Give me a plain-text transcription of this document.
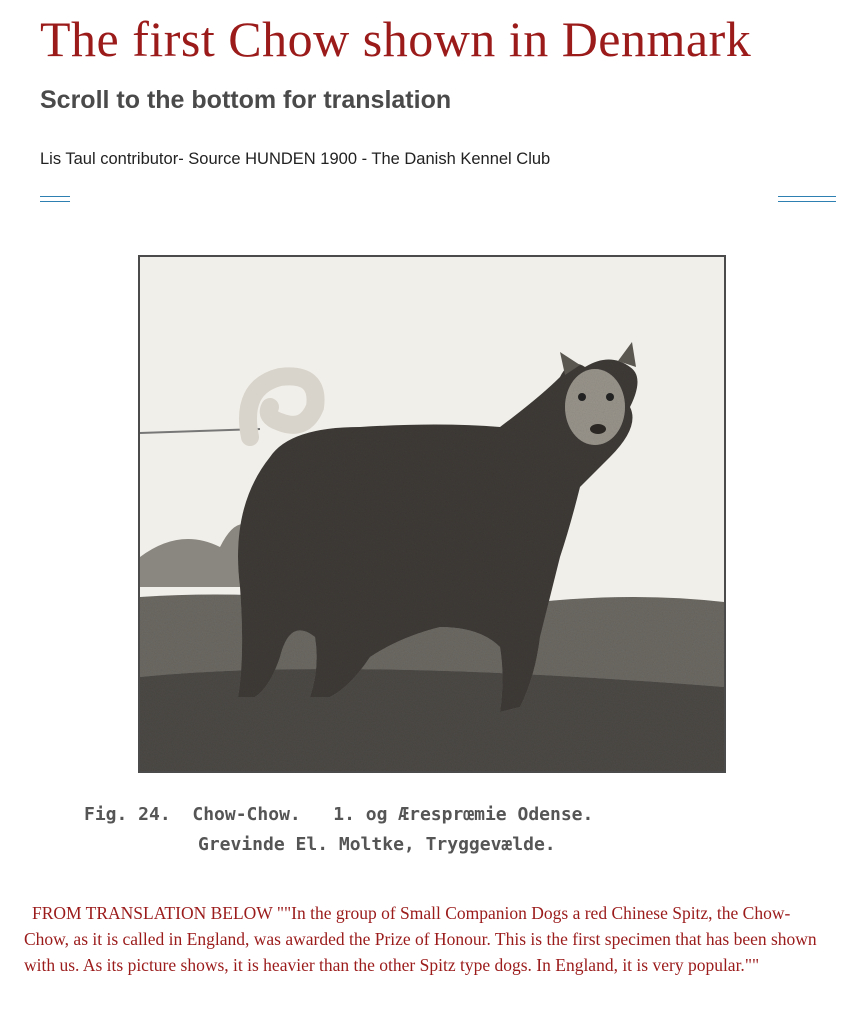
The first Chow shown in Denmark
Scroll to the bottom for translation
Lis Taul contributor- Source HUNDEN 1900 - The Danish Kennel Club
Fig. 24.  Chow-Chow.   1. og Æresprœmie Odense.
Grevinde El. Moltke, Tryggevælde.
FROM TRANSLATION BELOW ""In the group of Small Companion Dogs a red Chinese Spitz, the Chow-Chow, as it is called in England, was awarded the Prize of Honour. This is the first specimen that has been shown with us. As its picture shows, it is heavier than the other Spitz type dogs. In England, it is very popular.""
